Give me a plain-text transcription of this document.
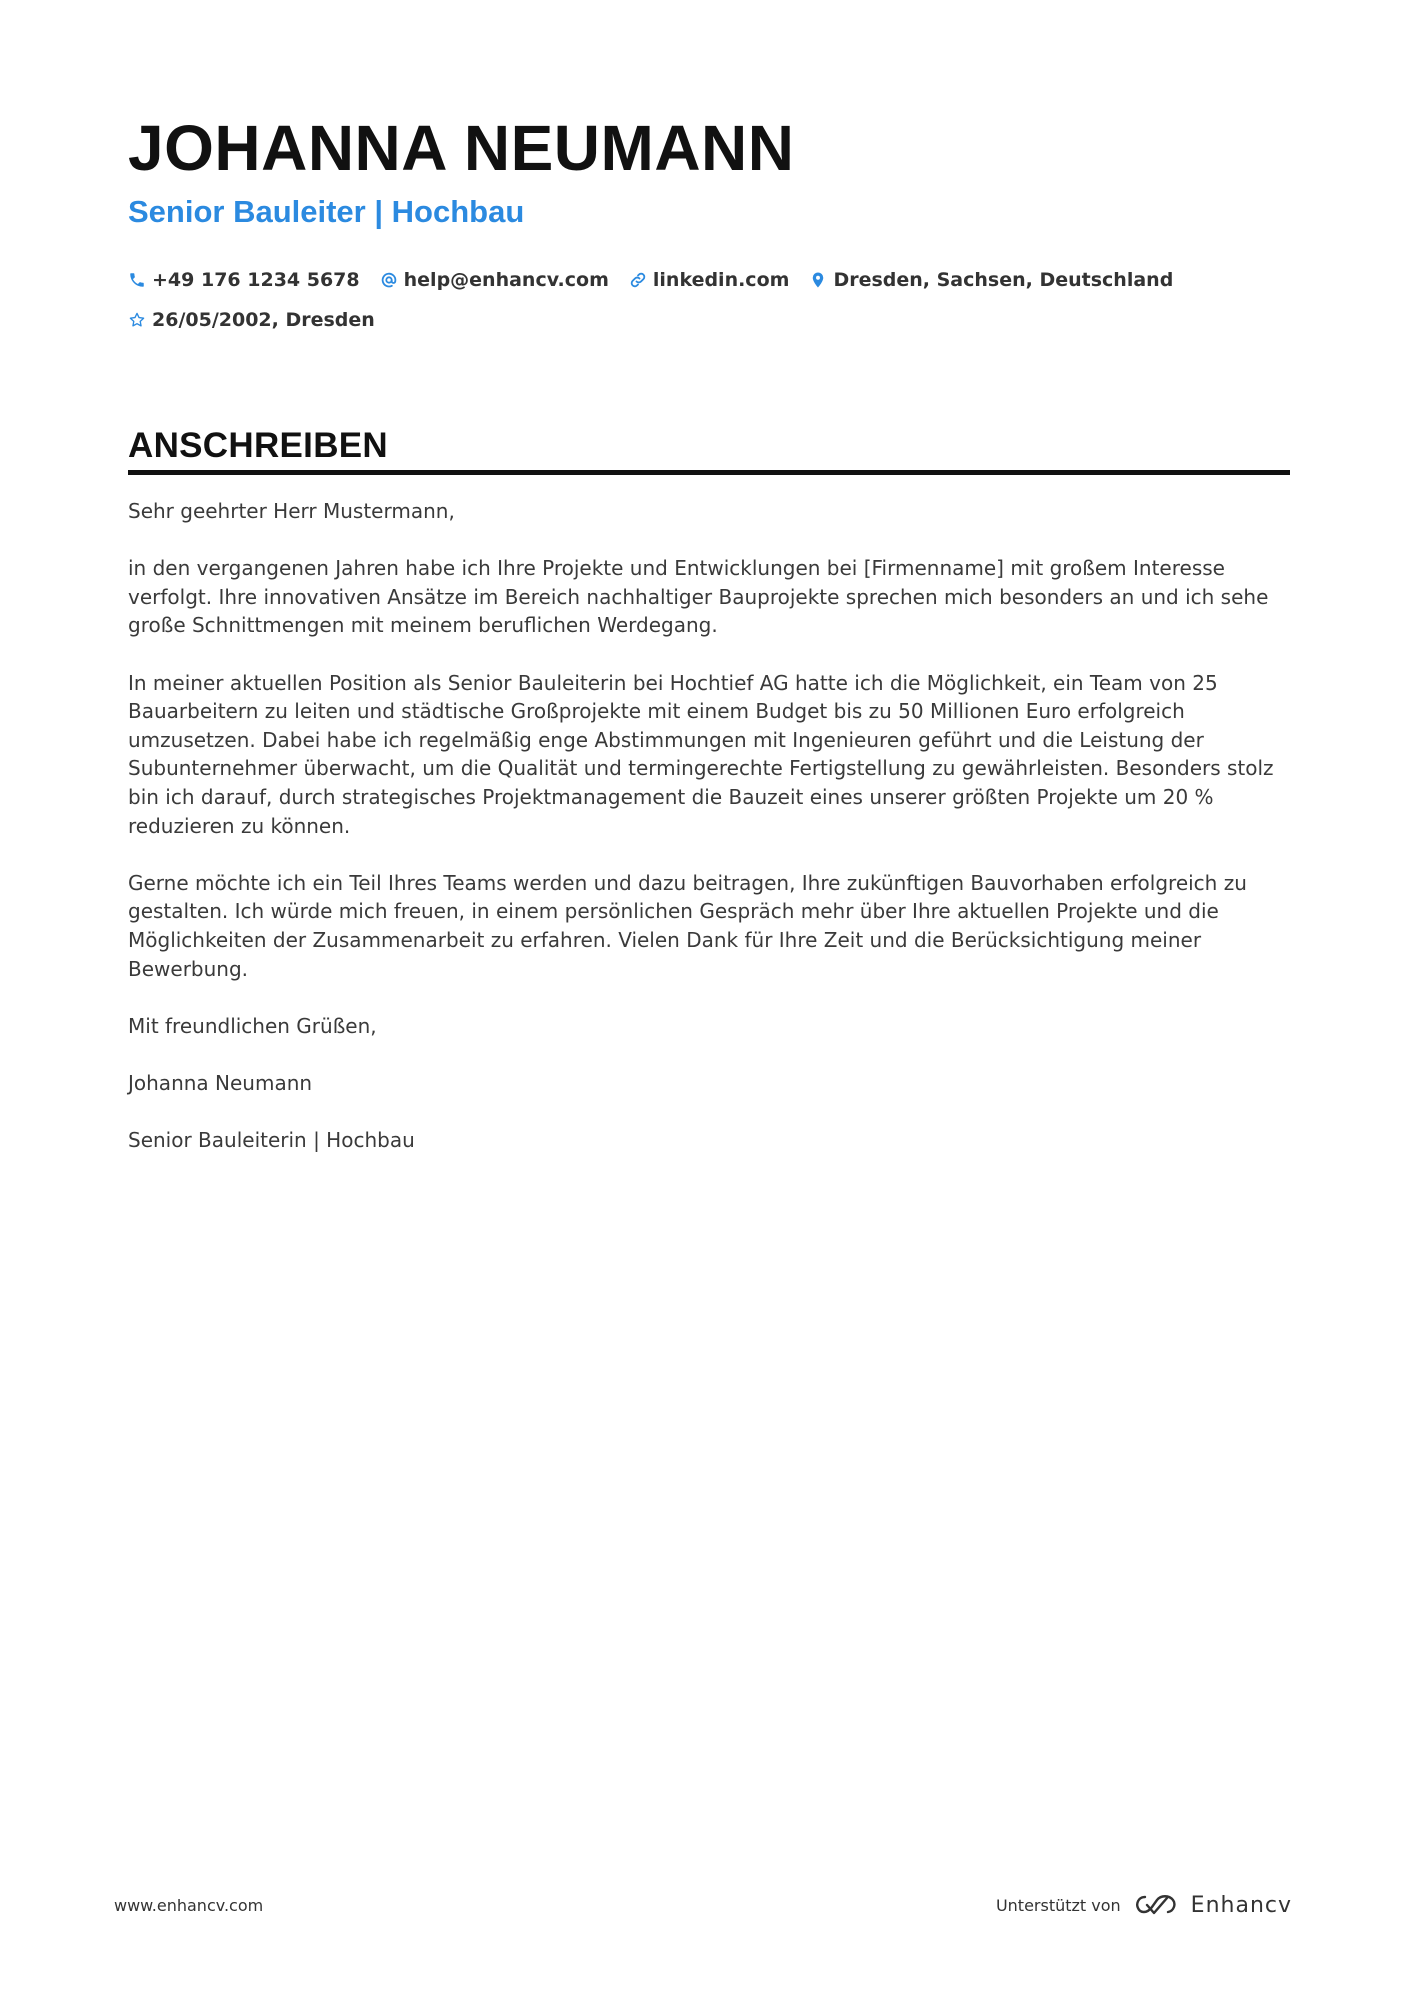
JOHANNA NEUMANN
Senior Bauleiter | Hochbau
+49 176 1234 5678 help@enhancv.com linkedin.com Dresden, Sachsen, Deutschland
26/05/2002, Dresden
ANSCHREIBEN

Sehr geehrter Herr Mustermann,

in den vergangenen Jahren habe ich Ihre Projekte und Entwicklungen bei [Firmenname] mit großem Interesse verfolgt. Ihre innovativen Ansätze im Bereich nachhaltiger Bauprojekte sprechen mich besonders an und ich sehe große Schnittmengen mit meinem beruflichen Werdegang.

In meiner aktuellen Position als Senior Bauleiterin bei Hochtief AG hatte ich die Möglichkeit, ein Team von 25 Bauarbeitern zu leiten und städtische Großprojekte mit einem Budget bis zu 50 Millionen Euro erfolgreich umzusetzen. Dabei habe ich regelmäßig enge Abstimmungen mit Ingenieuren geführt und die Leistung der Subunternehmer überwacht, um die Qualität und termingerechte Fertigstellung zu gewährleisten. Besonders stolz bin ich darauf, durch strategisches Projektmanagement die Bauzeit eines unserer größten Projekte um 20 % reduzieren zu können.

Gerne möchte ich ein Teil Ihres Teams werden und dazu beitragen, Ihre zukünftigen Bauvorhaben erfolgreich zu gestalten. Ich würde mich freuen, in einem persönlichen Gespräch mehr über Ihre aktuellen Projekte und die Möglichkeiten der Zusammenarbeit zu erfahren. Vielen Dank für Ihre Zeit und die Berücksichtigung meiner Bewerbung.

Mit freundlichen Grüßen,

Johanna Neumann

Senior Bauleiterin | Hochbau

www.enhancv.com	Unterstützt von	Enhancv
